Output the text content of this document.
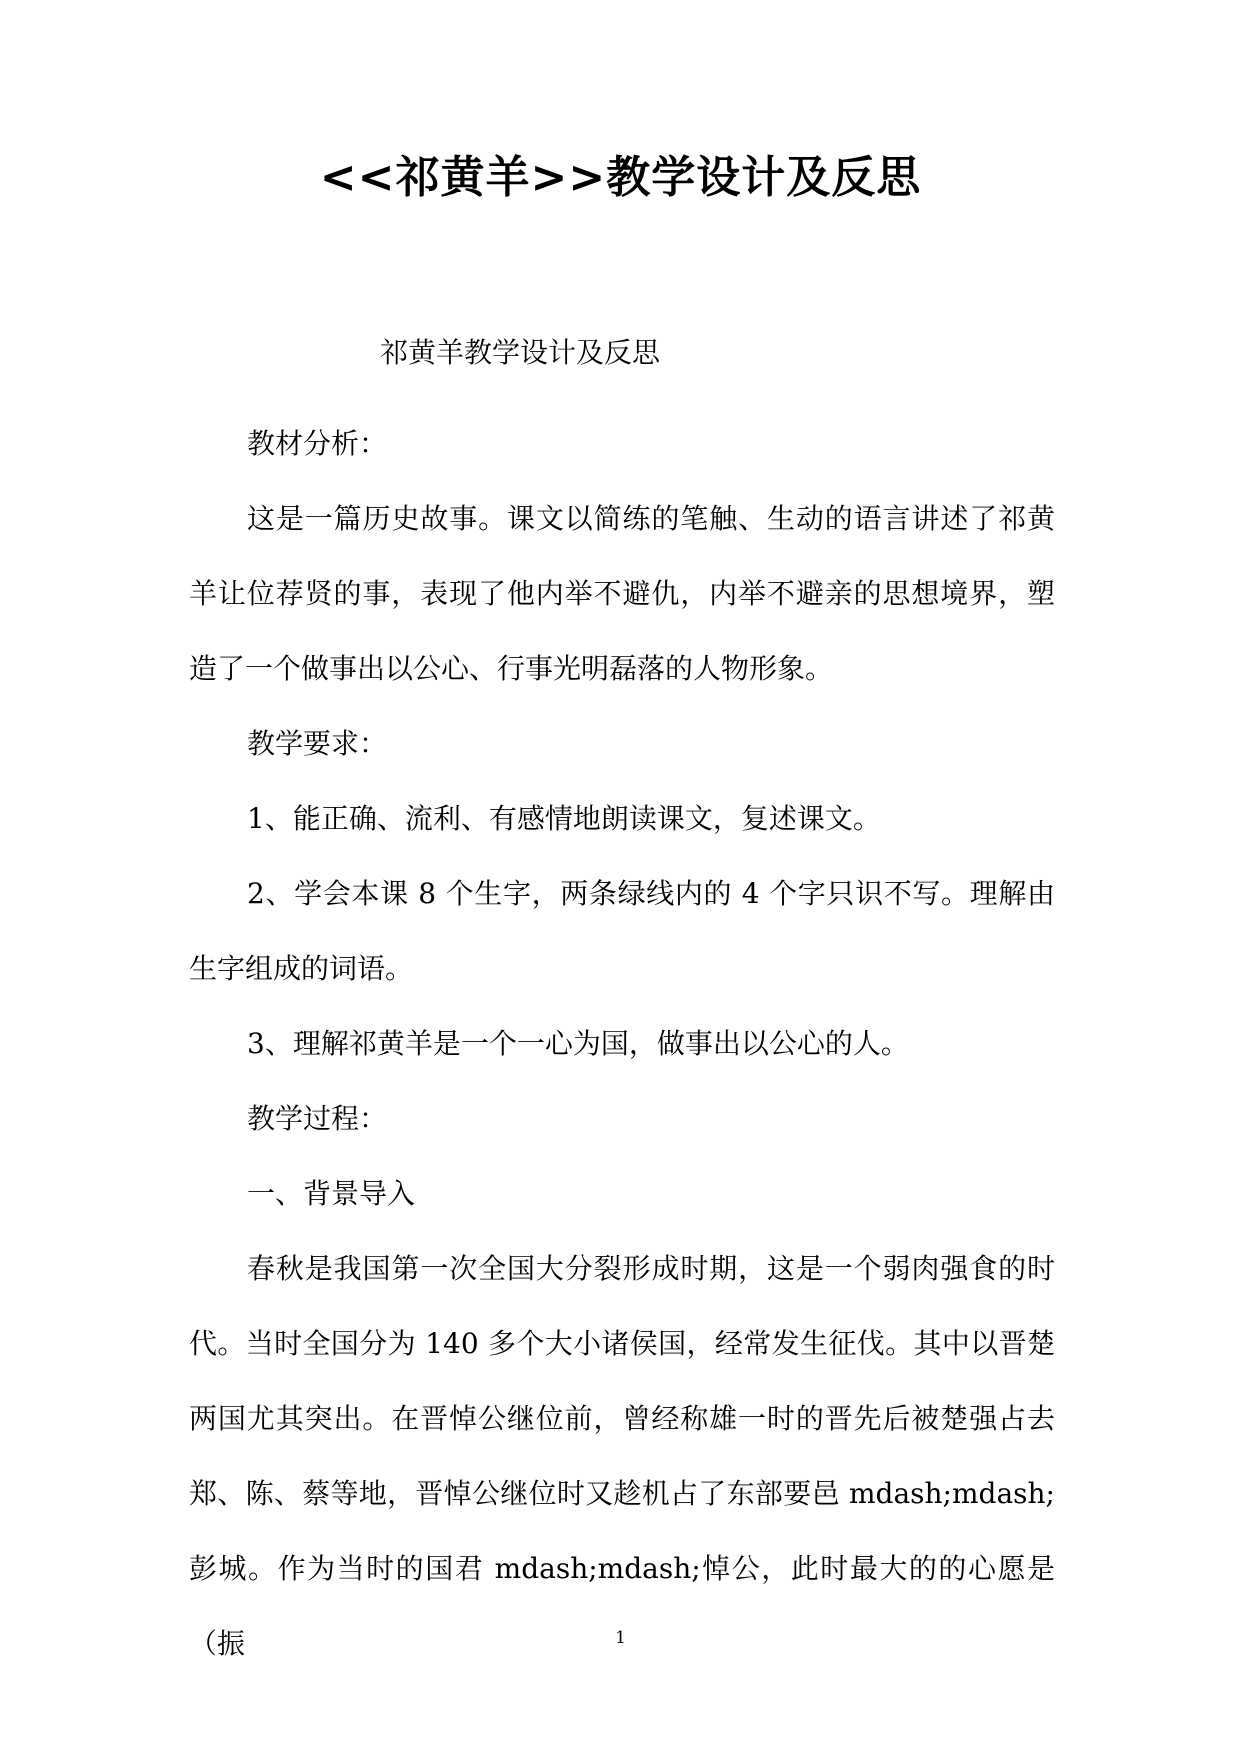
<<祁黄羊>>教学设计及反思
祁黄羊教学设计及反思

教材分析：

这是一篇历史故事。课文以简练的笔触、生动的语言讲述了祁黄羊让位荐贤的事，表现了他内举不避仇，内举不避亲的思想境界，塑造了一个做事出以公心、行事光明磊落的人物形象。

教学要求：

1、能正确、流利、有感情地朗读课文，复述课文。

2、学会本课 8 个生字，两条绿线内的 4 个字只识不写。理解由生字组成的词语。

3、理解祁黄羊是一个一心为国，做事出以公心的人。

教学过程：

一、背景导入

春秋是我国第一次全国大分裂形成时期，这是一个弱肉强食的时代。当时全国分为 140 多个大小诸侯国，经常发生征伐。其中以晋楚两国尤其突出。在晋悼公继位前，曾经称雄一时的晋先后被楚强占去郑、陈、蔡等地，晋悼公继位时又趁机占了东部要邑 mdash;mdash;彭城。作为当时的国君 mdash;mdash;悼公，此时最大的的心愿是（振	1
